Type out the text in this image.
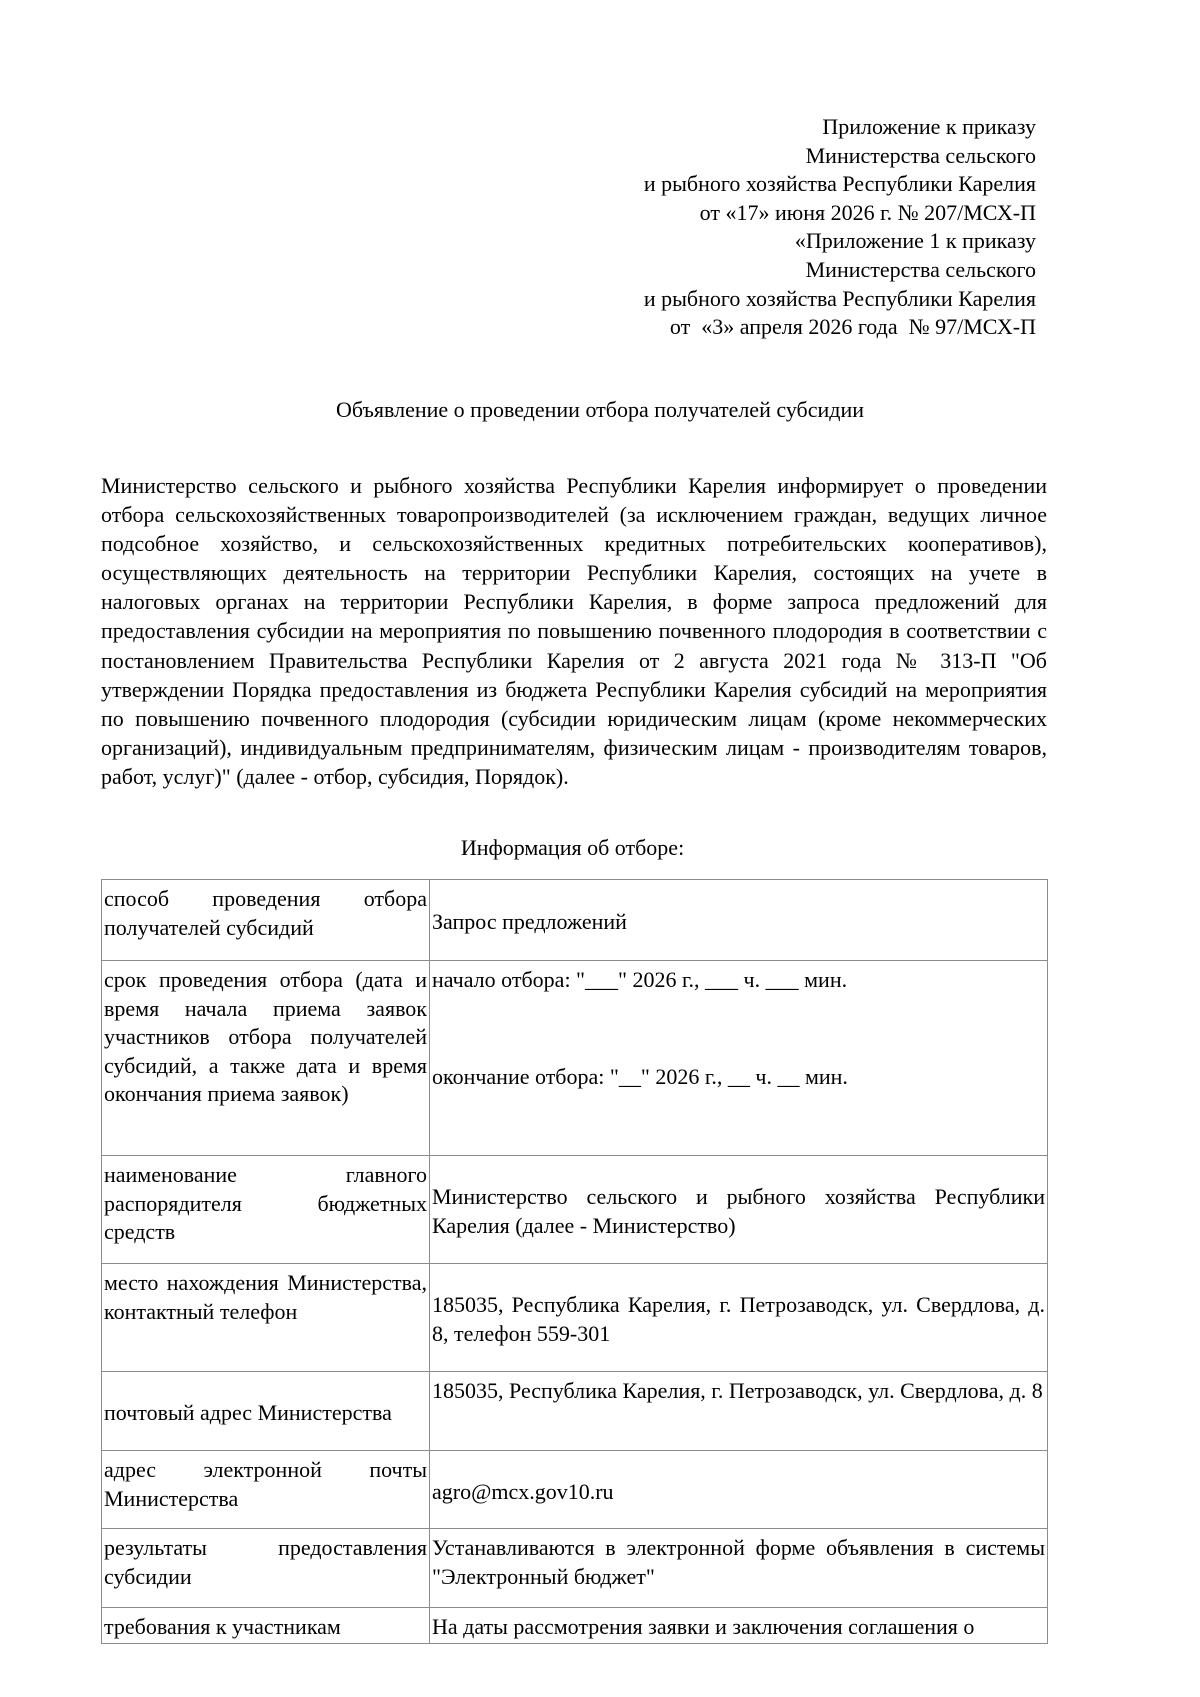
Приложение к приказу
Министерства сельского
и рыбного хозяйства Республики Карелия
от «17» июня 2026 г. № 207/МСХ-П
«Приложение 1 к приказу
Министерства сельского
и рыбного хозяйства Республики Карелия
от  «3» апреля 2026 года  № 97/МСХ-П
Объявление о проведении отбора получателей субсидии

Министерство сельского и рыбного хозяйства Республики Карелия информирует о проведении отбора сельскохозяйственных товаропроизводителей (за исключением граждан, ведущих личное подсобное хозяйство, и сельскохозяйственных кредитных потребительских кооперативов), осуществляющих деятельность на территории Республики Карелия, состоящих на учете в налоговых органах на территории Республики Карелия, в форме запроса предложений для предоставления субсидии на мероприятия по повышению почвенного плодородия в соответствии с постановлением Правительства Республики Карелия от 2 августа 2021 года № 313-П "Об утверждении Порядка предоставления из бюджета Республики Карелия субсидий на мероприятия по повышению почвенного плодородия (субсидии юридическим лицам (кроме некоммерческих организаций), индивидуальным предпринимателям, физическим лицам - производителям товаров, работ, услуг)" (далее - отбор, субсидия, Порядок).

Информация об отборе:
способ проведения отбора получателей субсидий	Запрос предложений
срок проведения отбора (дата и время начала приема заявок участников отбора получателей субсидий, а также дата и время окончания приема заявок)	начало отбора: "___" 2026 г., ___ ч. ___ мин.
окончание отбора: "__" 2026 г., __ ч. __ мин.

наименование главного распорядителя бюджетных средств	Министерство сельского и рыбного хозяйства Республики Карелия (далее - Министерство)
место нахождения Министерства, контактный телефон	185035, Республика Карелия, г. Петрозаводск, ул. Свердлова, д. 8, телефон 559-301
почтовый адрес Министерства	185035, Республика Карелия, г. Петрозаводск, ул. Свердлова, д. 8
адрес электронной почты Министерства	agro@mcx.gov10.ru
результаты предоставления субсидии	Устанавливаются в электронной форме объявления в системы "Электронный бюджет"
требования к участникам	На даты рассмотрения заявки и заключения соглашения о
